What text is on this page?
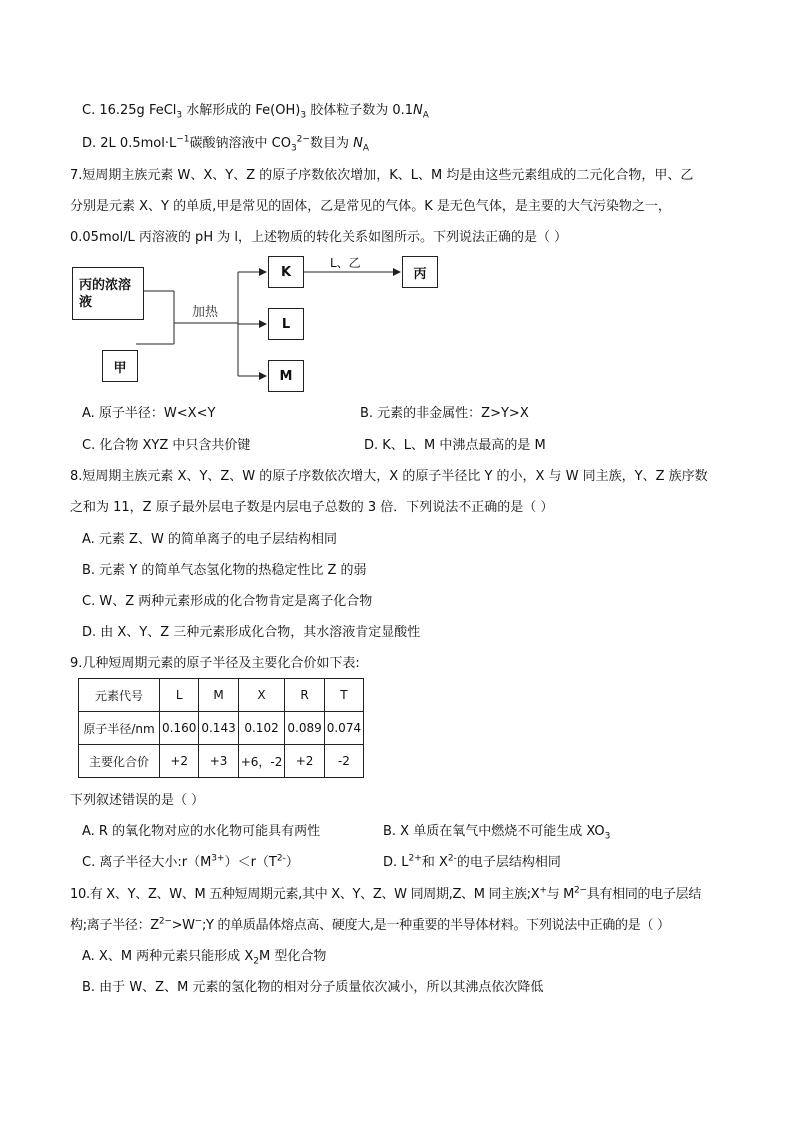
C. 16.25g FeCl$_3$ 水解形成的 $Fe(OH)_3$ 胶体粒子数为 $0.1N_A$
D. 2L $0.5mol\cdot L^{-1}$碳酸钠溶液中 $CO_3^{2-}$数目为 $N_A$
7.短周期主族元素 W、X、Y、Z 的原子序数依次增加，K、L、M 均是由这些元素组成的二元化合物，甲、乙
分别是元素 X、Y 的单质,甲是常见的固体，乙是常见的气体。K 是无色气体，是主要的大气污染物之一，
0.05mol/L 丙溶液的 pH 为 l，上述物质的转化关系如图所示。下列说法正确的是（ ）
丙的浓溶液
甲
加热
K
L
M
L、乙
丙
A. 原子半径：W<X<Y	B. 元素的非金属性：Z>Y>X
C. 化合物 XYZ 中只含共价键	D. K、L、M 中沸点最高的是 M
8.短周期主族元素 X、Y、Z、W 的原子序数依次增大，X 的原子半径比 Y 的小，X 与 W 同主族，Y、Z 族序数
之和为 11，Z 原子最外层电子数是内层电子总数的 3 倍．下列说法不正确的是（ ）
A. 元素 Z、W 的简单离子的电子层结构相同
B. 元素 Y 的简单气态氢化物的热稳定性比 Z 的弱
C. W、Z 两种元素形成的化合物肯定是离子化合物
D. 由 X、Y、Z 三种元素形成化合物，其水溶液肯定显酸性
9.几种短周期元素的原子半径及主要化合价如下表:
元素代号	L	M	X	R	T
原子半径/nm	0.160	0.143	0.102	0.089	0.074
主要化合价	+2	+3	+6，-2	+2	-2
下列叙述错误的是（ ）
A. R 的氧化物对应的水化物可能具有两性	B. X 单质在氧气中燃烧不可能生成 $XO_3$
C. 离子半径大小$:r(M^{3+})<r(T^{2-})$	D. $L^{2+}$和 $X^{2-}$的电子层结构相同
10.有 X、Y、Z、W、M 五种短周期元素,其中 X、Y、Z、W 同周期,Z、M 同主族;X+与 $M^{2-}$具有相同的电子层结
构;离子半径：$Z^{2-}>W^-;Y$ 的单质晶体熔点高、硬度大,是一种重要的半导体材料。下列说法中正确的是（ ）
A. X、M 两种元素只能形成 $X_2M$ 型化合物
B. 由于 W、Z、M 元素的氢化物的相对分子质量依次减小，所以其沸点依次降低
